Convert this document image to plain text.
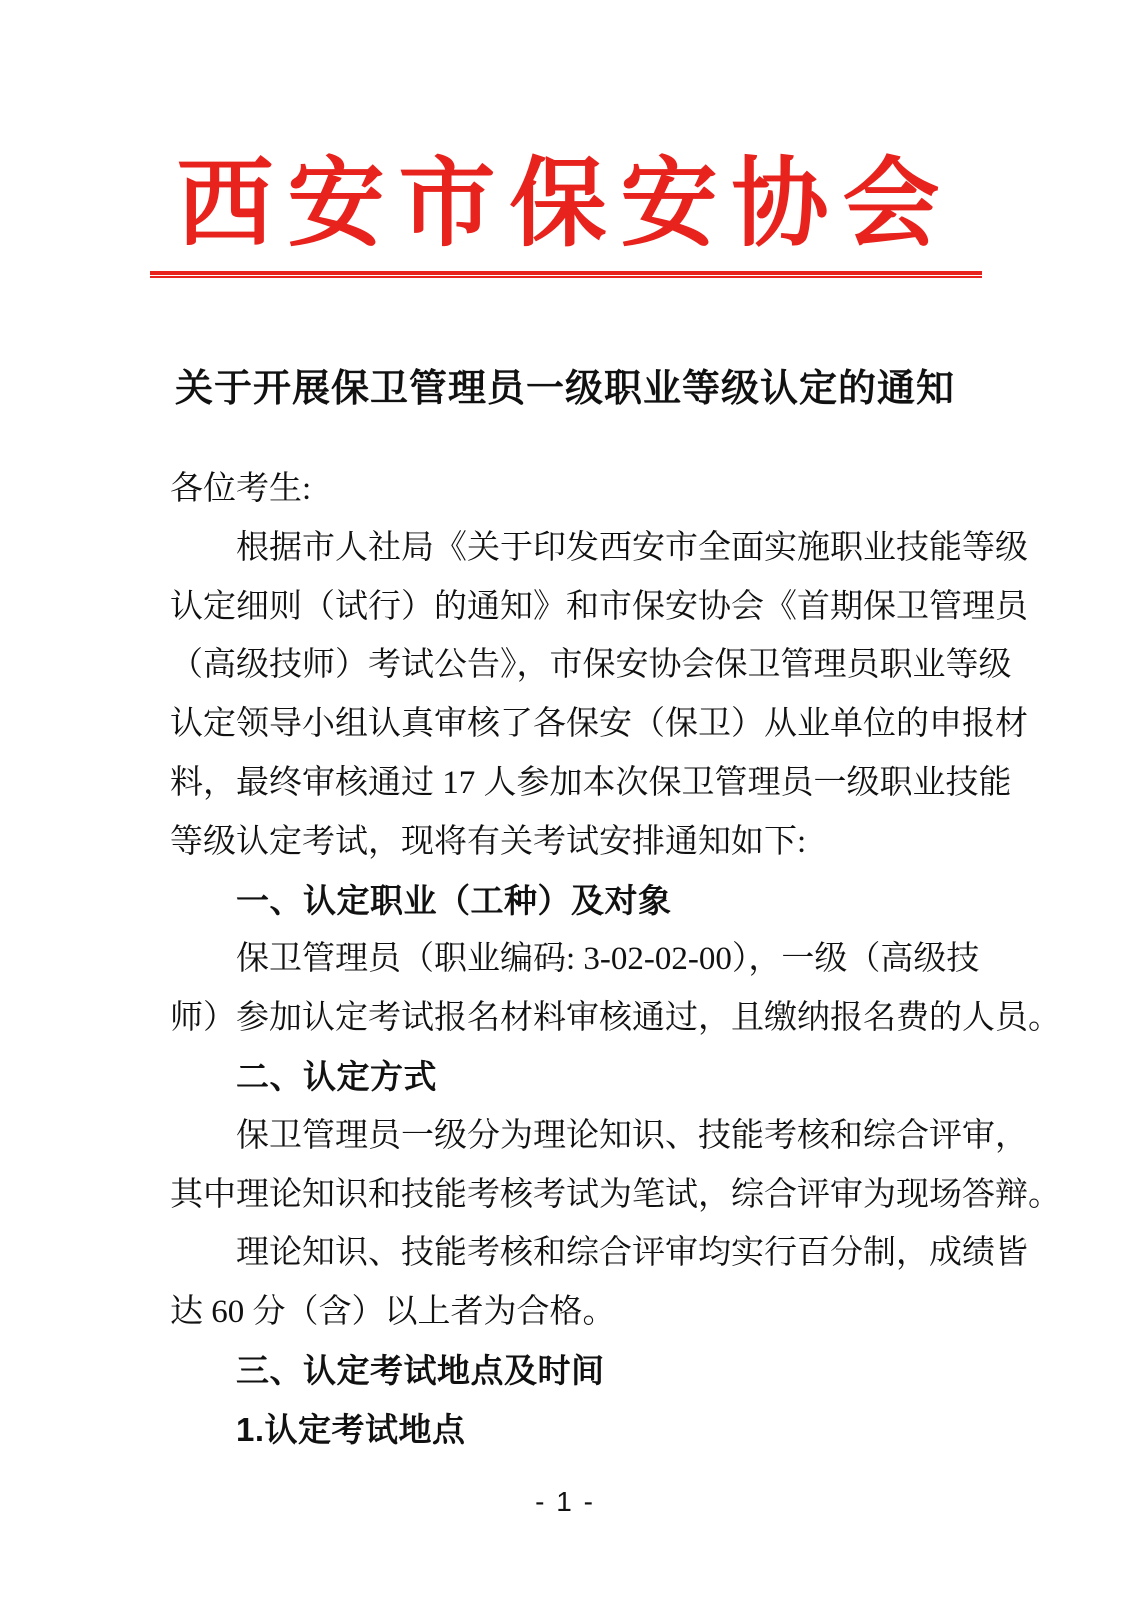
西安市保安协会
关于开展保卫管理员一级职业等级认定的通知
各位考生:
根据市人社局《关于印发西安市全面实施职业技能等级
认定细则（试行）的通知》和市保安协会《首期保卫管理员
（高级技师）考试公告》，市保安协会保卫管理员职业等级
认定领导小组认真审核了各保安（保卫）从业单位的申报材
料，最终审核通过 17 人参加本次保卫管理员一级职业技能
等级认定考试，现将有关考试安排通知如下:
一、认定职业（工种）及对象
保卫管理员（职业编码: 3-02-02-00），一级（高级技
师）参加认定考试报名材料审核通过，且缴纳报名费的人员。
二、认定方式
保卫管理员一级分为理论知识、技能考核和综合评审，
其中理论知识和技能考核考试为笔试，综合评审为现场答辩。
理论知识、技能考核和综合评审均实行百分制，成绩皆
达 60 分（含）以上者为合格。
三、认定考试地点及时间
1.认定考试地点
- 1 -
